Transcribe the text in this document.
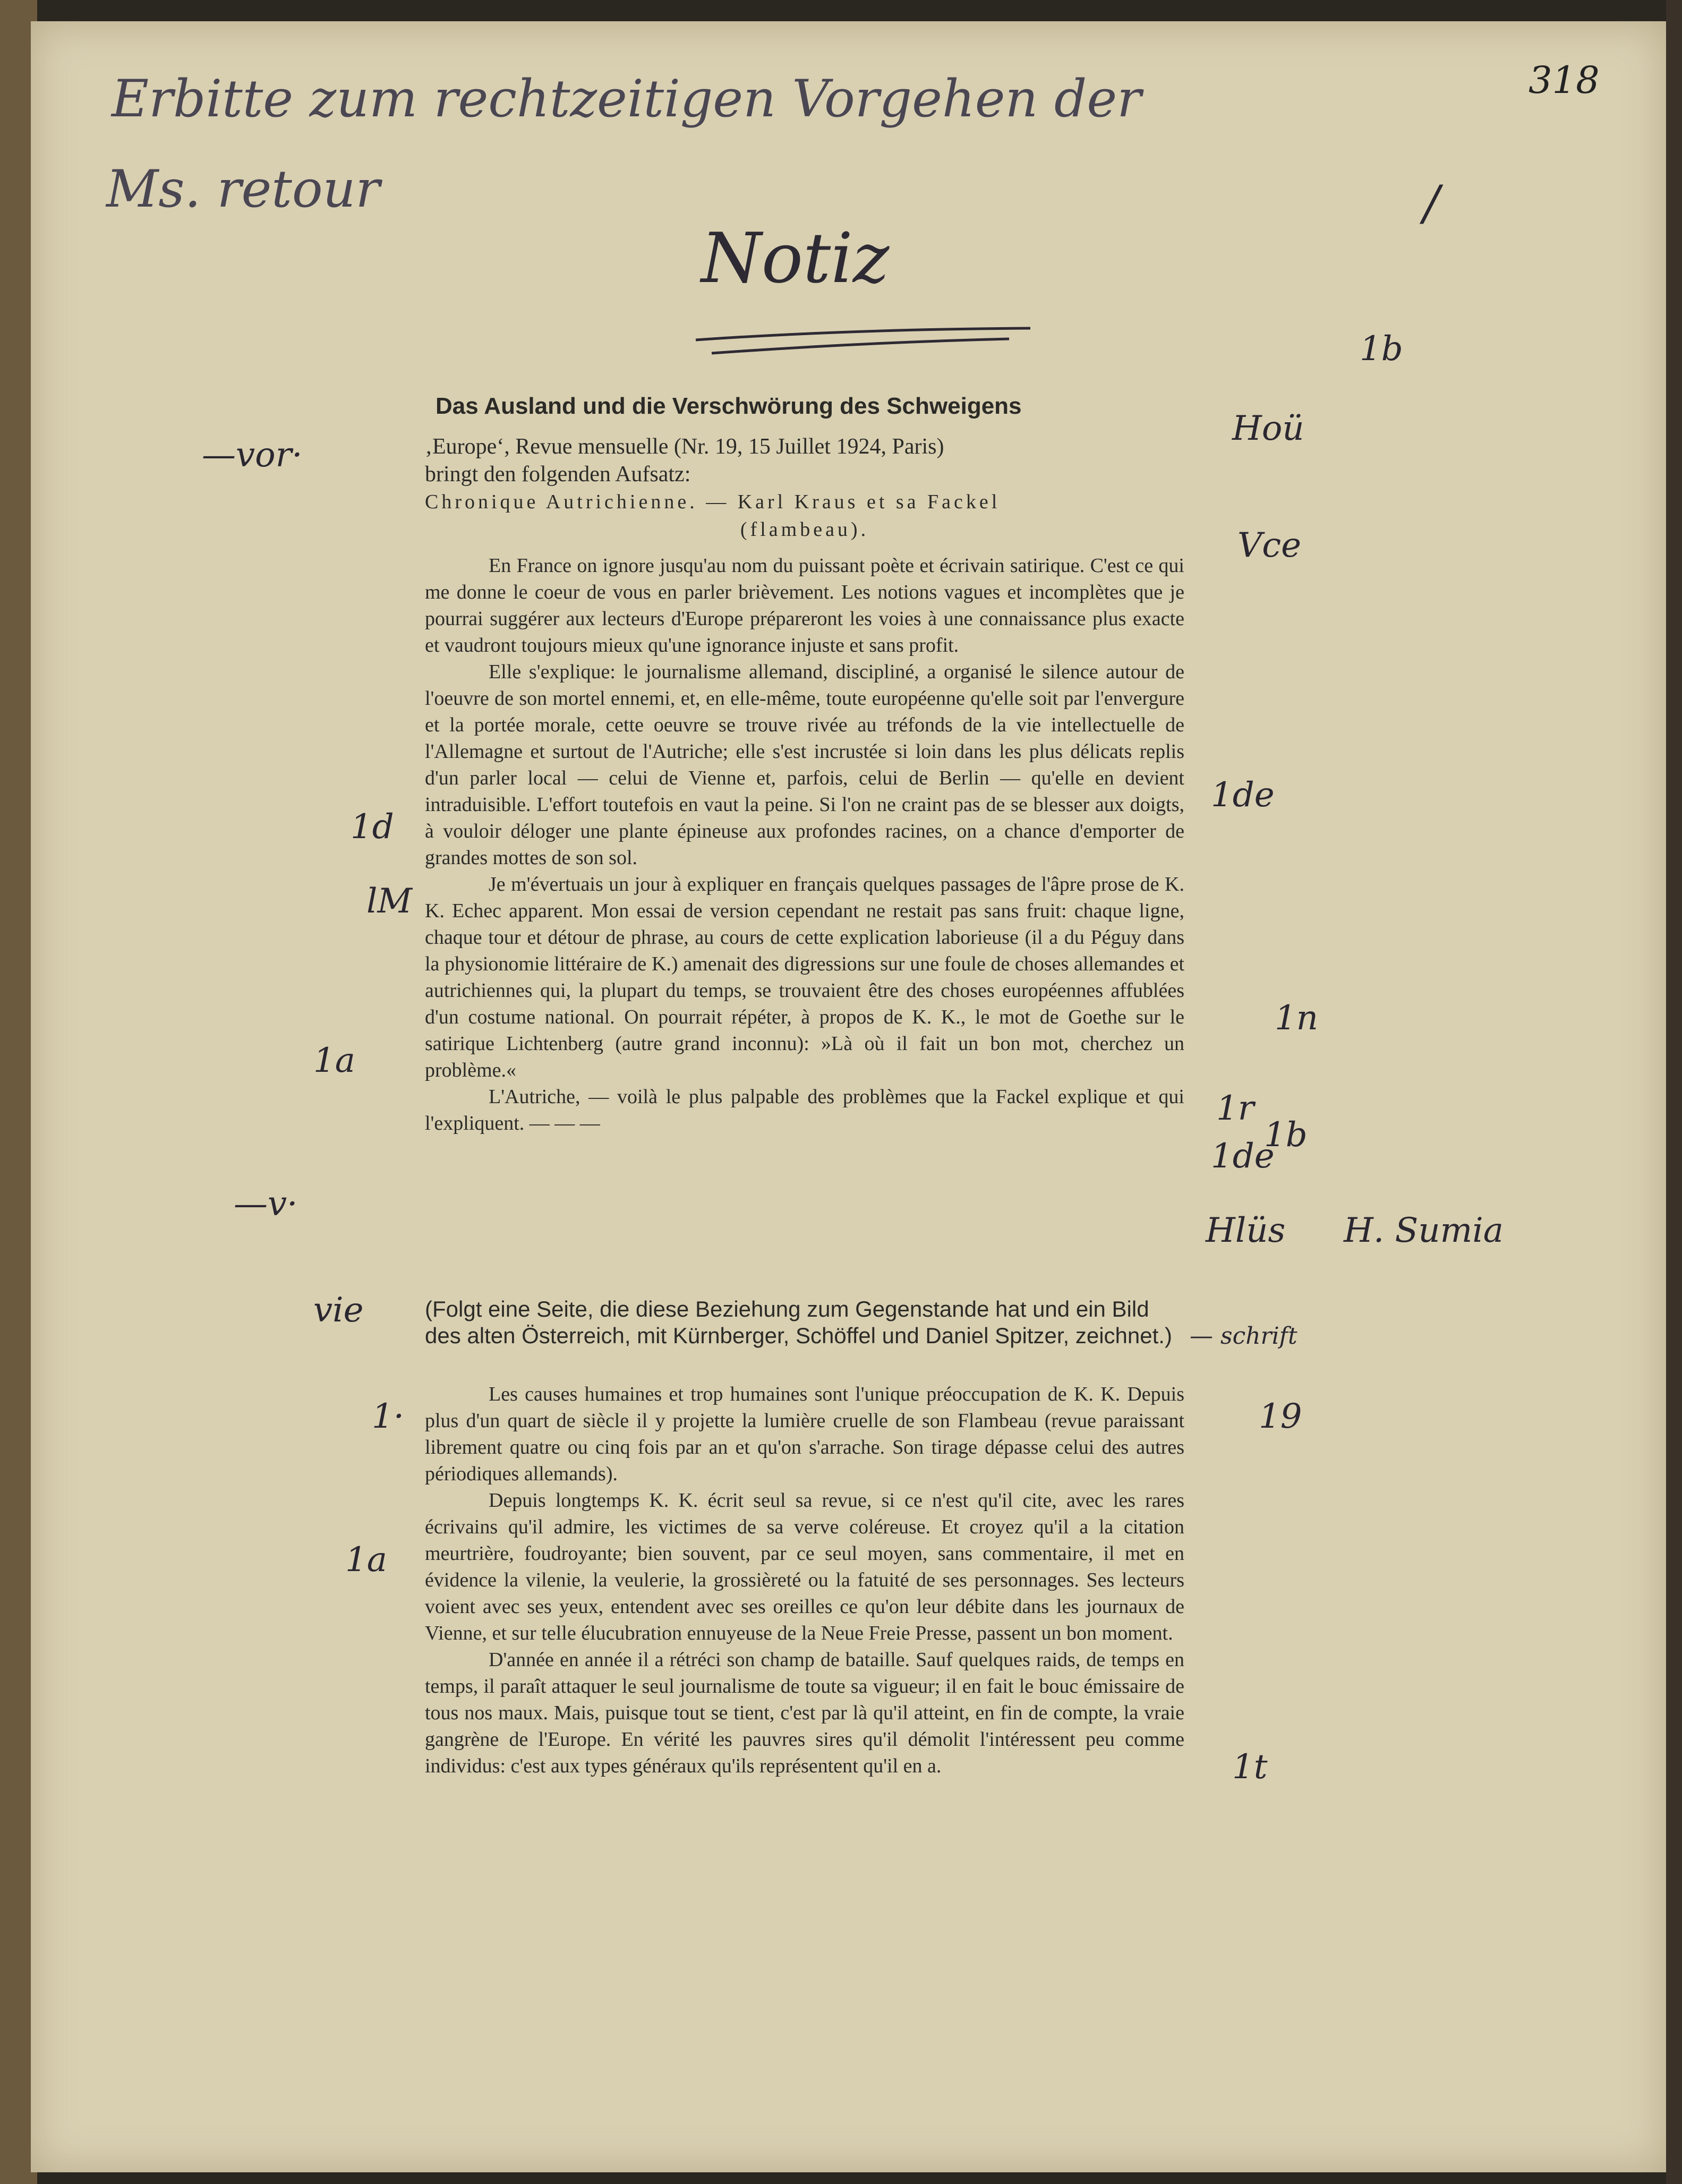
318
Erbitte zum rechtzeitigen Vorgehen der
Ms. retour
Notiz
—vor·
1d
lM
1a
—v·
vie
1·
1a
/
1b
Hoü
Vce
1de
1n
1r
1de
1b
Hlüs H. Sumia
— schrift
19
1t
Das Ausland und die Verschwörung des Schweigens
‚Europe‘, Revue mensuelle (Nr. 19, 15 Juillet 1924, Paris)
bringt den folgenden Aufsatz:
Chronique Autrichienne. — Karl Kraus et sa Fackel
(flambeau).

En France on ignore jusqu'au nom du puissant poète et écrivain satirique. C'est ce qui me donne le coeur de vous en parler brièvement. Les notions vagues et incomplètes que je pourrai suggérer aux lecteurs d'Europe prépareront les voies à une connaissance plus exacte et vaudront toujours mieux qu'une ignorance injuste et sans profit.

Elle s'explique: le journalisme allemand, discipliné, a organisé le silence autour de l'oeuvre de son mortel ennemi, et, en elle-même, toute européenne qu'elle soit par l'envergure et la portée morale, cette oeuvre se trouve rivée au tréfonds de la vie intellectuelle de l'Allemagne et surtout de l'Autriche; elle s'est incrustée si loin dans les plus délicats replis d'un parler local — celui de Vienne et, parfois, celui de Berlin — qu'elle en devient intraduisible. L'effort toutefois en vaut la peine. Si l'on ne craint pas de se blesser aux doigts, à vouloir déloger une plante épineuse aux profondes racines, on a chance d'emporter de grandes mottes de son sol.

Je m'évertuais un jour à expliquer en français quelques passages de l'âpre prose de K. K. Echec apparent. Mon essai de version cependant ne restait pas sans fruit: chaque ligne, chaque tour et détour de phrase, au cours de cette explication laborieuse (il a du Péguy dans la physionomie littéraire de K.) amenait des digressions sur une foule de choses allemandes et autrichiennes qui, la plupart du temps, se trouvaient être des choses européennes affublées d'un costume national. On pourrait répéter, à propos de K. K., le mot de Goethe sur le satirique Lichtenberg (autre grand inconnu): »Là où il fait un bon mot, cherchez un problème.«

L'Autriche, — voilà le plus palpable des problèmes que la Fackel explique et qui l'expliquent. — — —

(Folgt eine Seite, die diese Beziehung zum Gegenstande hat und ein Bild des alten Österreich, mit Kürnberger, Schöffel und Daniel Spitzer, zeichnet.)

Les causes humaines et trop humaines sont l'unique préoccupation de K. K. Depuis plus d'un quart de siècle il y projette la lumière cruelle de son Flambeau (revue paraissant librement quatre ou cinq fois par an et qu'on s'arrache. Son tirage dépasse celui des autres périodiques allemands).

Depuis longtemps K. K. écrit seul sa revue, si ce n'est qu'il cite, avec les rares écrivains qu'il admire, les victimes de sa verve coléreuse. Et croyez qu'il a la citation meurtrière, foudroyante; bien souvent, par ce seul moyen, sans commentaire, il met en évidence la vilenie, la veulerie, la grossièreté ou la fatuité de ses personnages. Ses lecteurs voient avec ses yeux, entendent avec ses oreilles ce qu'on leur débite dans les journaux de Vienne, et sur telle élucubration ennuyeuse de la Neue Freie Presse, passent un bon moment.

D'année en année il a rétréci son champ de bataille. Sauf quelques raids, de temps en temps, il paraît attaquer le seul journalisme de toute sa vigueur; il en fait le bouc émissaire de tous nos maux. Mais, puisque tout se tient, c'est par là qu'il atteint, en fin de compte, la vraie gangrène de l'Europe. En vérité les pauvres sires qu'il démolit l'intéressent peu comme individus: c'est aux types généraux qu'ils représentent qu'il en a.
